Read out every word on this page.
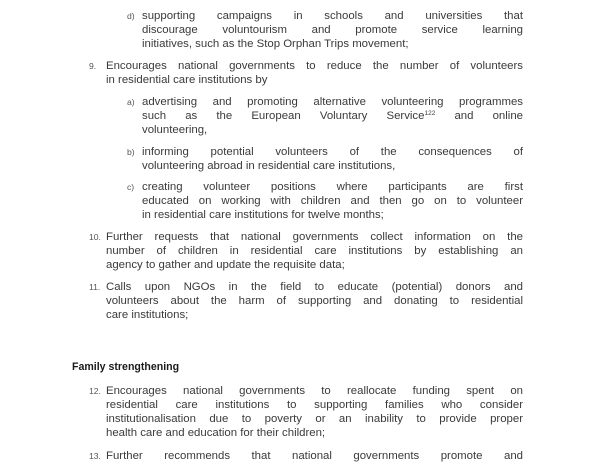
d) supporting campaigns in schools and universities that
discourage voluntourism and promote service learning
initiatives, such as the Stop Orphan Trips movement;
9. Encourages national governments to reduce the number of volunteers
in residential care institutions by
a) advertising and promoting alternative volunteering programmes
such as the European Voluntary Service$^{122}$ and online
volunteering,
b) informing potential volunteers of the consequences of
volunteering abroad in residential care institutions,
c) creating volunteer positions where participants are first
educated on working with children and then go on to volunteer
in residential care institutions for twelve months;
10. Further requests that national governments collect information on the
number of children in residential care institutions by establishing an
agency to gather and update the requisite data;
11. Calls upon NGOs in the field to educate (potential) donors and
volunteers about the harm of supporting and donating to residential
care institutions;
Family strengthening
12. Encourages national governments to reallocate funding spent on
residential care institutions to supporting families who consider
institutionalisation due to poverty or an inability to provide proper
health care and education for their children;
13. Further recommends that national governments promote and
